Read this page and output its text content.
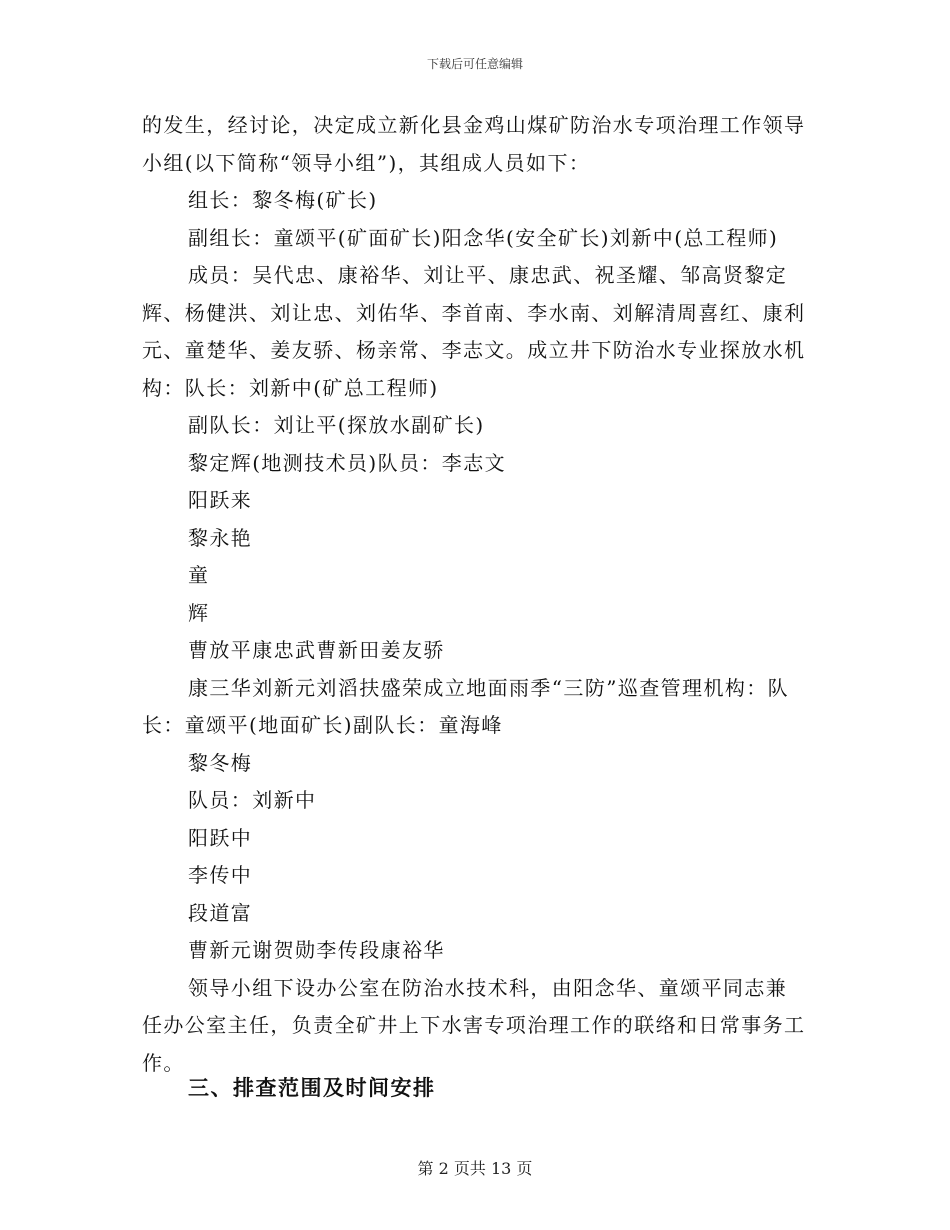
下载后可任意编辑

的发生，经讨论，决定成立新化县金鸡山煤矿防治水专项治理工作领导小组(以下简称“领导小组”)，其组成人员如下：

组长：黎冬梅(矿长)

副组长：童颂平(矿面矿长)阳念华(安全矿长)刘新中(总工程师)

成员：吴代忠、康裕华、刘让平、康忠武、祝圣耀、邹高贤黎定辉、杨健洪、刘让忠、刘佑华、李首南、李水南、刘解清周喜红、康利元、童楚华、姜友骄、杨亲常、李志文。成立井下防治水专业探放水机构：队长：刘新中(矿总工程师)

副队长：刘让平(探放水副矿长)

黎定辉(地测技术员)队员：李志文

阳跃来

黎永艳

童

辉

曹放平康忠武曹新田姜友骄

康三华刘新元刘滔扶盛荣成立地面雨季“三防”巡查管理机构：队长：童颂平(地面矿长)副队长：童海峰

黎冬梅

队员：刘新中

阳跃中

李传中

段道富

曹新元谢贺勋李传段康裕华

领导小组下设办公室在防治水技术科，由阳念华、童颂平同志兼任办公室主任，负责全矿井上下水害专项治理工作的联络和日常事务工作。

三、排查范围及时间安排
第 2 页共 13 页
